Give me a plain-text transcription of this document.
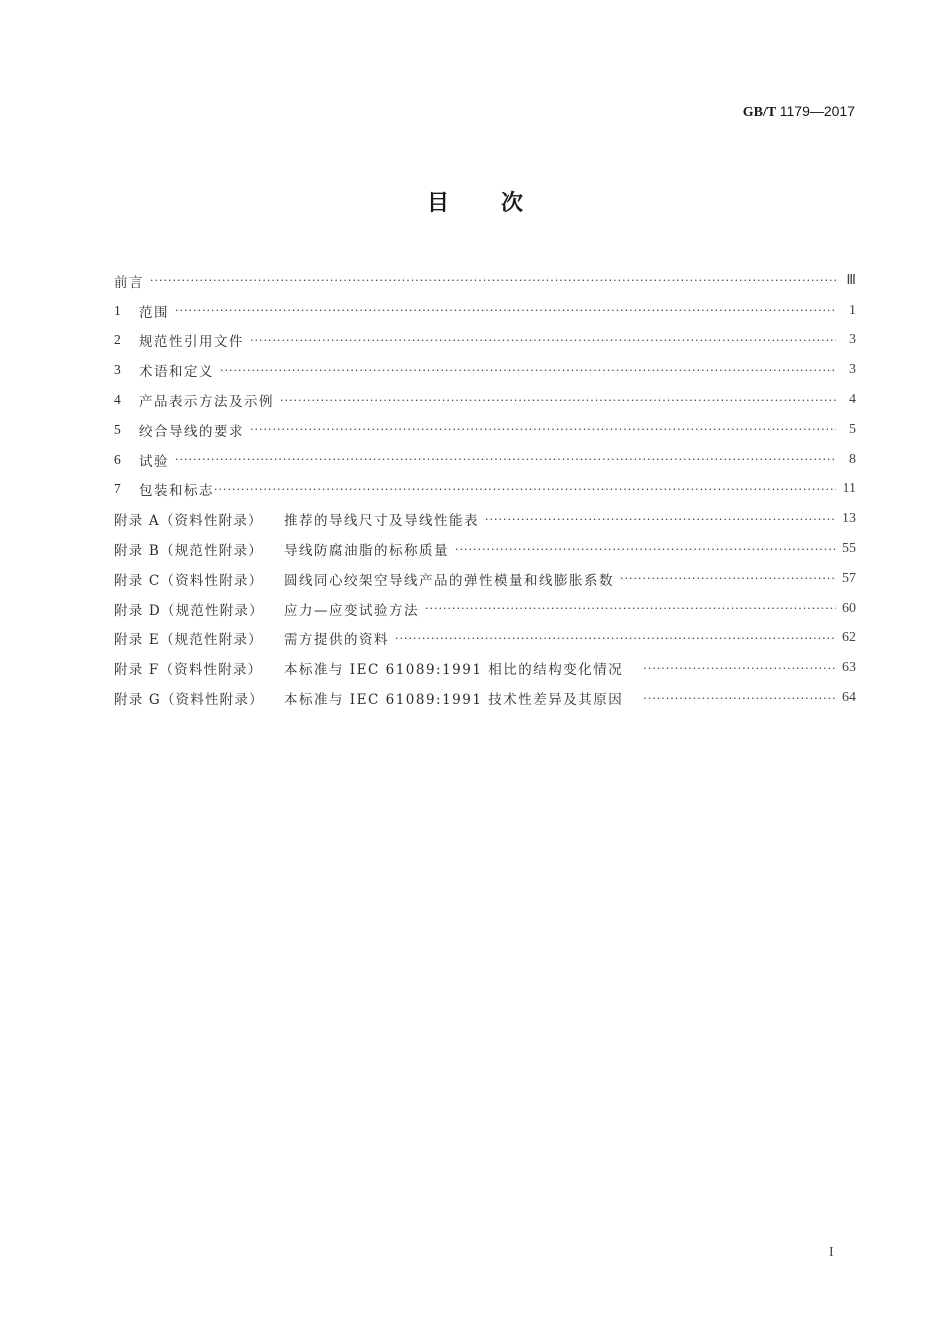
GB/T 1179—2017
目 次
前言 ·····	Ⅲ
1	范围 ·····	1
2	规范性引用文件 ·····	3
3	术语和定义 ·····	3
4	产品表示方法及示例 ·····	4
5	绞合导线的要求 ·····	5
6	试验 ·····	8
7	包装和标志 ·····	11
附录 A（资料性附录）	推荐的导线尺寸及导线性能表 ·····	13
附录 B（规范性附录）	导线防腐油脂的标称质量 ·····	55
附录 C（资料性附录）	圆线同心绞架空导线产品的弹性模量和线膨胀系数 ·····	57
附录 D（规范性附录）	应力—应变试验方法 ·····	60
附录 E（规范性附录）	需方提供的资料 ·····	62
附录 F（资料性附录）	本标准与 IEC 61089:1991 相比的结构变化情况 ·····	63
附录 G（资料性附录）	本标准与 IEC 61089:1991 技术性差异及其原因 ·····	64
I
